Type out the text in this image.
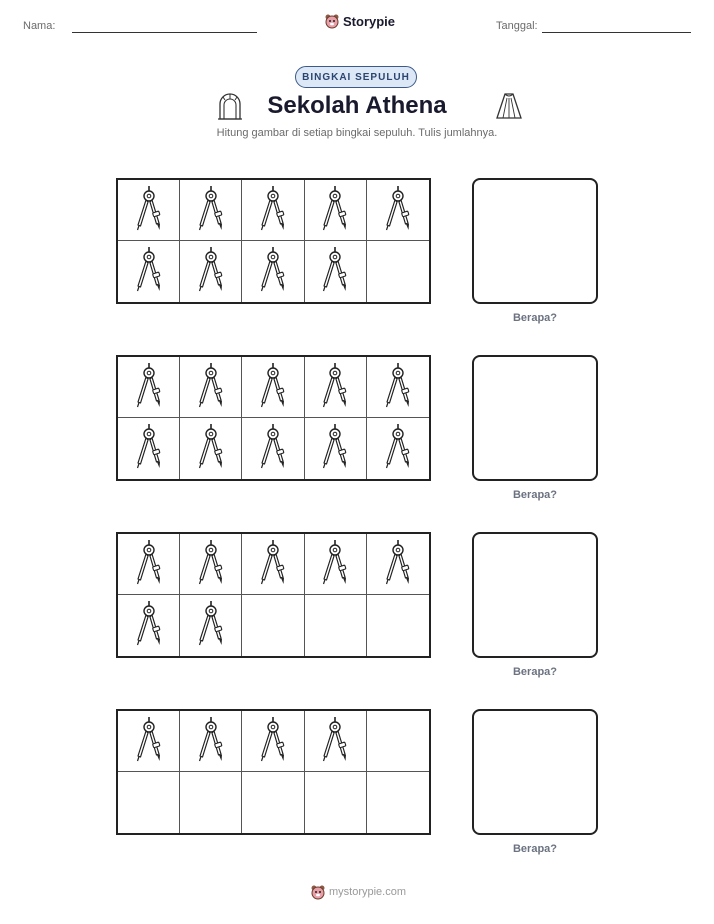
Nama:	Storypie	Tanggal:
BINGKAI SEPULUH
Sekolah Athena
Hitung gambar di setiap bingkai sepuluh. Tulis jumlahnya.
Berapa?
Berapa?
Berapa?
Berapa?
mystorypie.com
